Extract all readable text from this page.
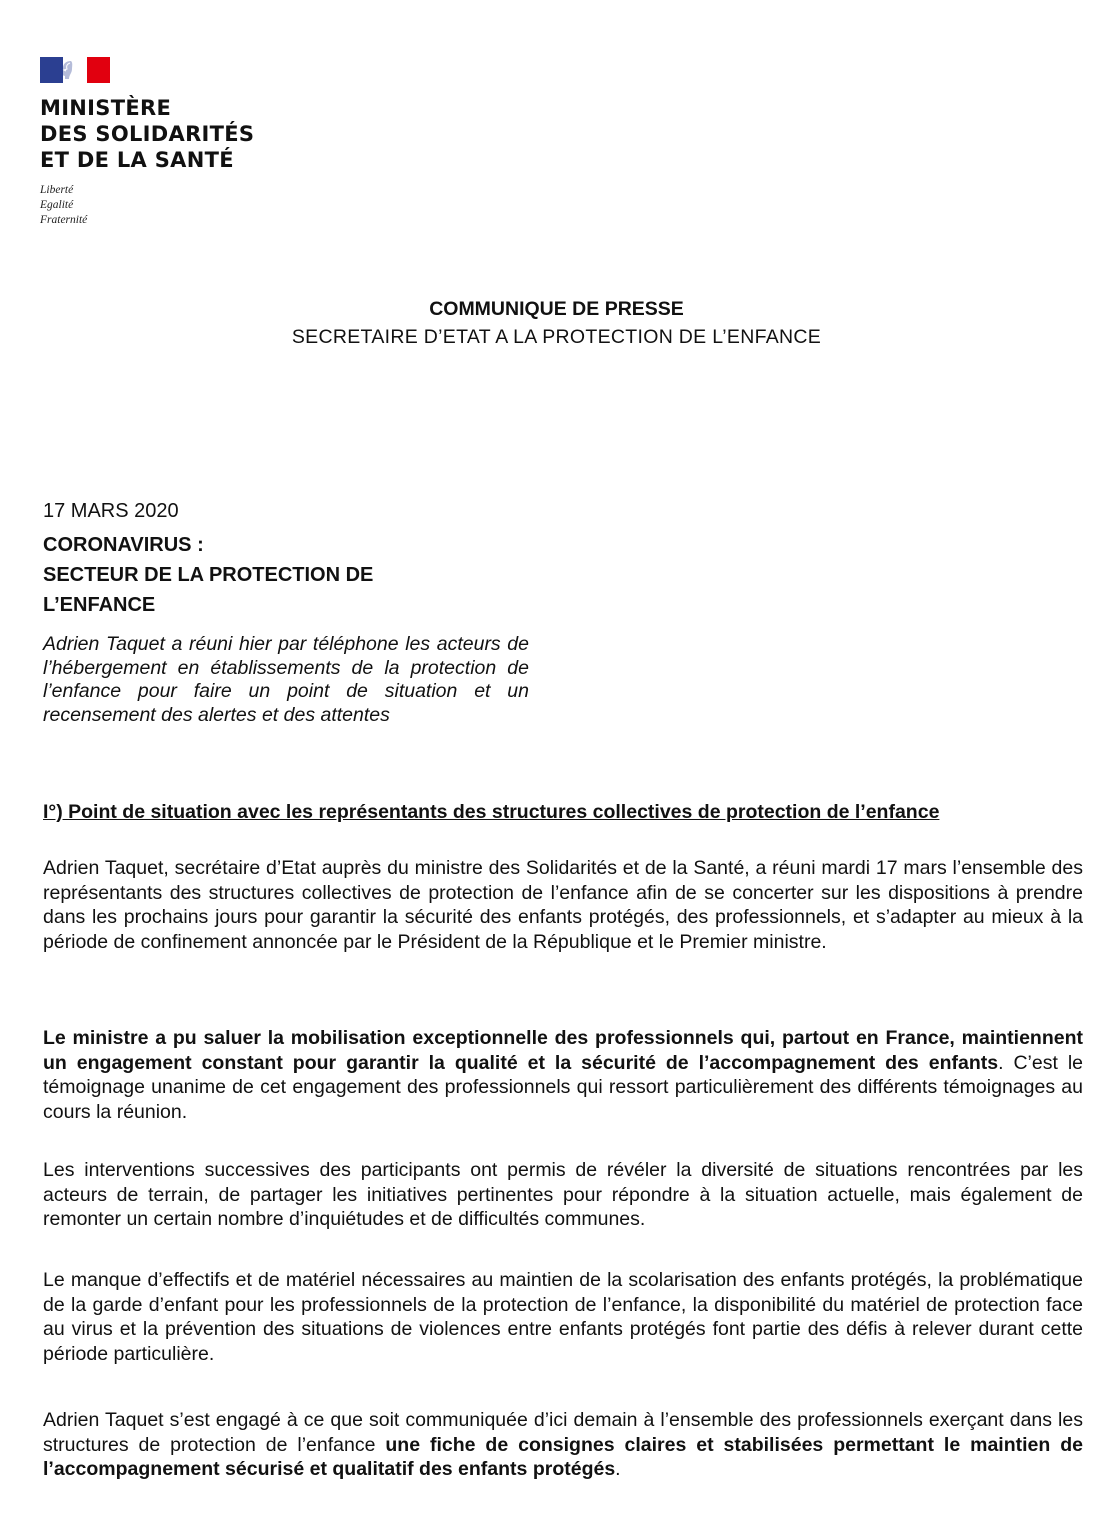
MINISTÈRE
DES SOLIDARITÉS
ET DE LA SANTÉ
Liberté
Egalité
Fraternité
COMMUNIQUE DE PRESSE
SECRETAIRE D’ETAT A LA PROTECTION DE L’ENFANCE
17 MARS 2020
CORONAVIRUS :
SECTEUR DE LA PROTECTION DE
L’ENFANCE
Adrien Taquet a réuni hier par téléphone les acteurs de l’hébergement en établissements de la protection de l’enfance pour faire un point de situation et un recensement des alertes et des attentes
I°) Point de situation avec les représentants des structures collectives de protection de l’enfance
Adrien Taquet, secrétaire d’Etat auprès du ministre des Solidarités et de la Santé, a réuni mardi 17 mars l’ensemble des représentants des structures collectives de protection de l’enfance afin de se concerter sur les dispositions à prendre dans les prochains jours pour garantir la sécurité des enfants protégés, des professionnels, et s’adapter au mieux à la période de confinement annoncée par le Président de la République et le Premier ministre.
Le ministre a pu saluer la mobilisation exceptionnelle des professionnels qui, partout en France, maintiennent un engagement constant pour garantir la qualité et la sécurité de l’accompagnement des enfants. C’est le témoignage unanime de cet engagement des professionnels qui ressort particulièrement des différents témoignages au cours la réunion.
Les interventions successives des participants ont permis de révéler la diversité de situations rencontrées par les acteurs de terrain, de partager les initiatives pertinentes pour répondre à la situation actuelle, mais également de remonter un certain nombre d’inquiétudes et de difficultés communes.
Le manque d’effectifs et de matériel nécessaires au maintien de la scolarisation des enfants protégés, la problématique de la garde d’enfant pour les professionnels de la protection de l’enfance, la disponibilité du matériel de protection face au virus et la prévention des situations de violences entre enfants protégés font partie des défis à relever durant cette période particulière.
Adrien Taquet s’est engagé à ce que soit communiquée d’ici demain à l’ensemble des professionnels exerçant dans les structures de protection de l’enfance une fiche de consignes claires et stabilisées permettant le maintien de l’accompagnement sécurisé et qualitatif des enfants protégés.
